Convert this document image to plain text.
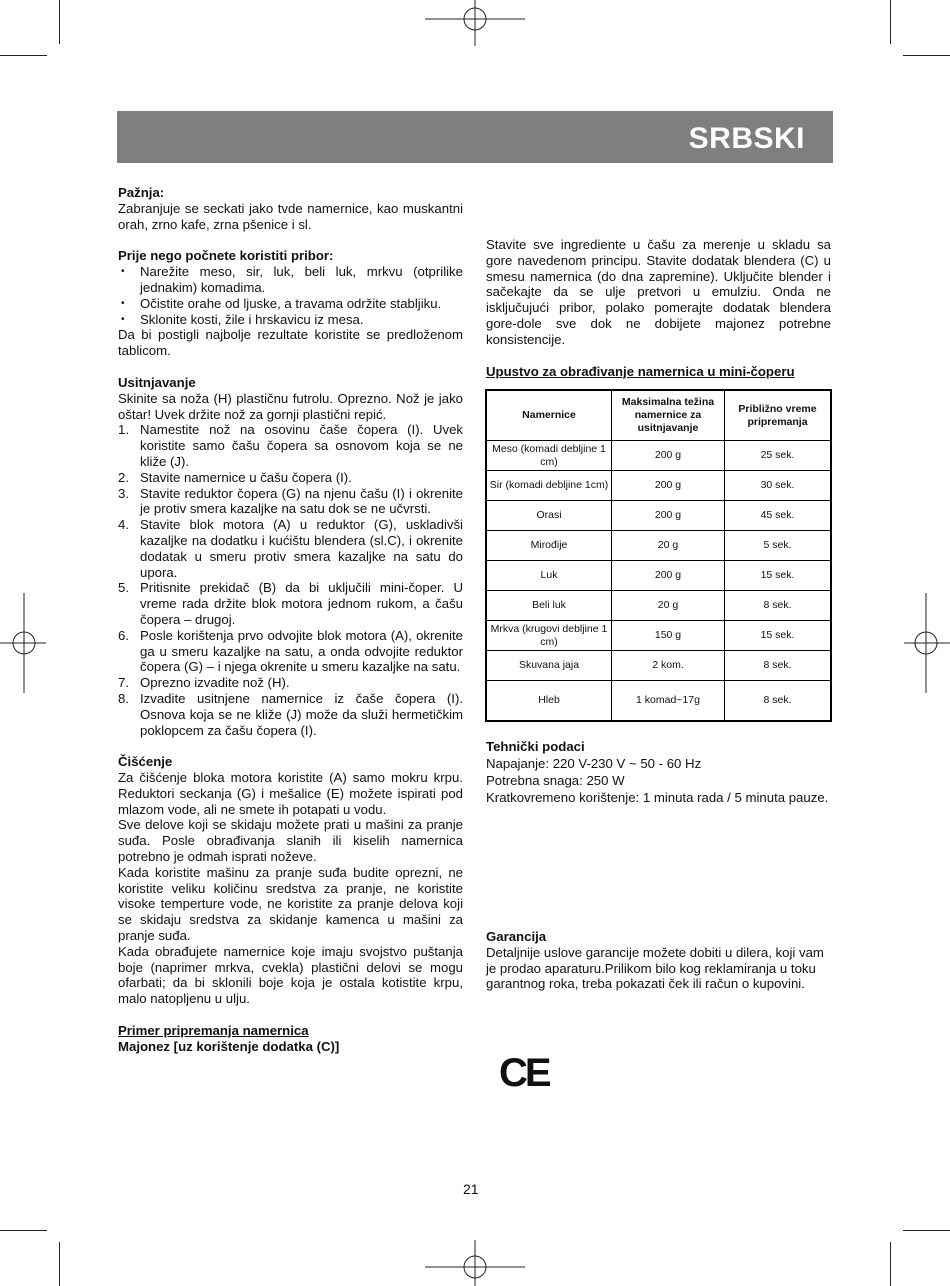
SRBSKI
Pažnja:

Zabranjuje se seckati jako tvde namernice, kao muskantni orah, zrno kafe, zrna pšenice i sl.

Prije nego počnete koristiti pribor:
• Narežite meso, sir, luk, beli luk, mrkvu (otprilike jednakim) komadima.
• Očistite orahe od ljuske, a travama održite stabljiku.
• Sklonite kosti, žile i hrskavicu iz mesa.

Da bi postigli najbolje rezultate koristite se predloženom tablicom.

Usitnjavanje

Skinite sa noža (H) plastičnu futrolu. Oprezno. Nož je jako oštar! Uvek držite nož za gornji plastični repić.

1. Namestite nož na osovinu čaše čopera (I). Uvek koristite samo čašu čopera sa osnovom koja se ne kliže (J).
2. Stavite namernice u čašu čopera (I).
3. Stavite reduktor čopera (G) na njenu čašu (I) i okrenite je protiv smera kazaljke na satu dok se ne učvrsti.
4. Stavite blok motora (A) u reduktor (G), uskladivši kazaljke na dodatku i kućištu blendera (sl.C), i okrenite dodatak u smeru protiv smera kazaljke na satu do upora.
5. Pritisnite prekidač (B) da bi uključili mini-čoper. U vreme rada držite blok motora jednom rukom, a čašu čopera – drugoj.
6. Posle korištenja prvo odvojite blok motora (A), okrenite ga u smeru kazaljke na satu, a onda odvojite reduktor čopera (G) – i njega okrenite u smeru kazaljke na satu.
7. Oprezno izvadite nož (H).
8. Izvadite usitnjene namernice iz čaše čopera (I). Osnova koja se ne kliže (J) može da služi hermetičkim poklopcem za čašu čopera (I).
Čišćenje

Za čišćenje bloka motora koristite (A) samo mokru krpu. Reduktori seckanja (G) i mešalice (E) možete ispirati pod mlazom vode, ali ne smete ih potapati u vodu.

Sve delove koji se skidaju možete prati u mašini za pranje suđa. Posle obrađivanja slanih ili kiselih namernica potrebno je odmah isprati noževe.

Kada koristite mašinu za pranje suđa budite oprezni, ne koristite veliku količinu sredstva za pranje, ne koristite visoke temperture vode, ne koristite za pranje delova koji se skidaju sredstva za skidanje kamenca u mašini za pranje suđa.

Kada obrađujete namernice koje imaju svojstvo puštanja boje (naprimer mrkva, cvekla) plastični delovi se mogu ofarbati; da bi sklonili boje koja je ostala kotistite krpu, malo natopljenu u ulju.

Primer pripremanja namernica
Majonez [uz korištenje dodatka (C)]

Stavite sve ingrediente u čašu za merenje u skladu sa gore navedenom principu. Stavite dodatak blendera (C) u smesu namernica (do dna zapremine). Uključite blender i sačekajte da se ulje pretvori u emulziu. Onda ne isključujući pribor, polako pomerajte dodatak blendera gore-dole sve dok ne dobijete majonez potrebne konsistencije.

Upustvo za obrađivanje namernica u mini-čoperu
Namernice	Maksimalna težina namernice za usitnjavanje	Približno vreme pripremanja
Meso (komadi debljine 1 cm)	200 g	25 sek.
Sir (komadi debljine 1cm)	200 g	30 sek.
Orasi	200 g	45 sek.
Mirođije	20 g	5 sek.
Luk	200 g	15 sek.
Beli luk	20 g	8 sek.
Mrkva (krugovi debljine 1 cm)	150 g	15 sek.
Skuvana jaja	2 kom.	8 sek.
Hleb	1 komad~17g	8 sek.
Tehnički podaci

Napajanje: 220 V-230 V ~ 50 - 60 Hz

Potrebna snaga: 250 W

Kratkovremeno korištenje: 1 minuta rada / 5 minuta pauze.

Garancija

Detaljnije uslove garancije možete dobiti u dilera, koji vam je prodao aparaturu.Prilikom bilo kog reklamiranja u toku garantnog roka, treba pokazati ček ili račun o kupovini.

CE
21
